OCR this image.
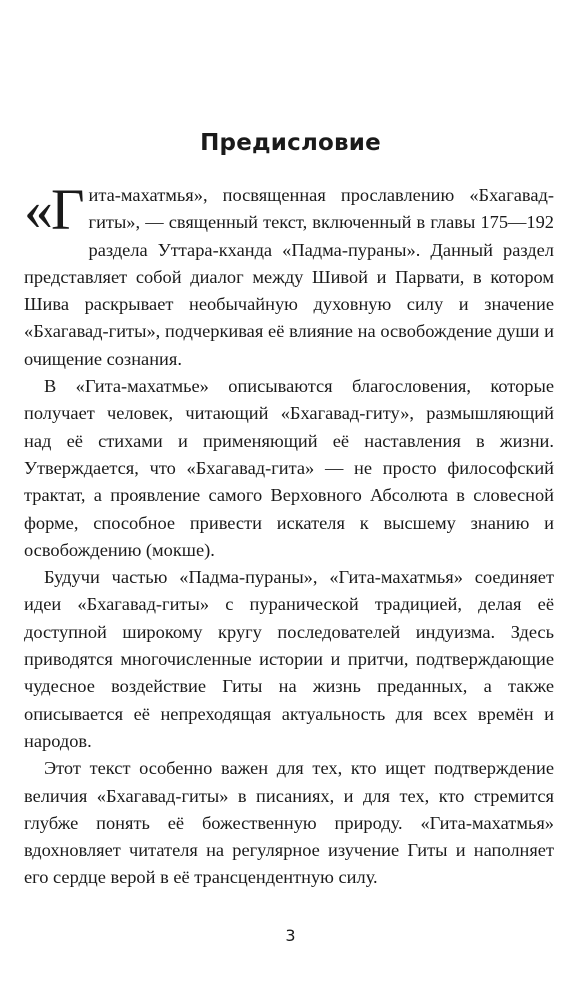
Предисловие

«Гита-махатмья», посвященная прославлению «Бхагавад-гиты», — священный текст, включенный в главы 175—192 раздела Уттара-кханда «Падма-пураны». Данный раздел представляет собой диалог между Шивой и Парвати, в котором Шива раскрывает необычайную духовную силу и значение «Бхагавад-гиты», подчеркивая её влияние на освобождение души и очищение сознания.

В «Гита-махатмье» описываются благословения, которые получает человек, читающий «Бхагавад-гиту», размышляющий над её стихами и применяющий её наставления в жизни. Утверждается, что «Бхагавад-гита» — не просто философский трактат, а проявление самого Верховного Абсолюта в словесной форме, способное привести искателя к высшему знанию и освобождению (мокше).

Будучи частью «Падма-пураны», «Гита-махатмья» соединяет идеи «Бхагавад-гиты» с пуранической традицией, делая её доступной широкому кругу последователей индуизма. Здесь приводятся многочисленные истории и притчи, подтверждающие чудесное воздействие Гиты на жизнь преданных, а также описывается её непреходящая актуальность для всех времён и народов.

Этот текст особенно важен для тех, кто ищет подтверждение величия «Бхагавад-гиты» в писаниях, и для тех, кто стремится глубже понять её божественную природу. «Гита-махатмья» вдохновляет читателя на регулярное изучение Гиты и наполняет его сердце верой в её трансцендентную силу.

3
